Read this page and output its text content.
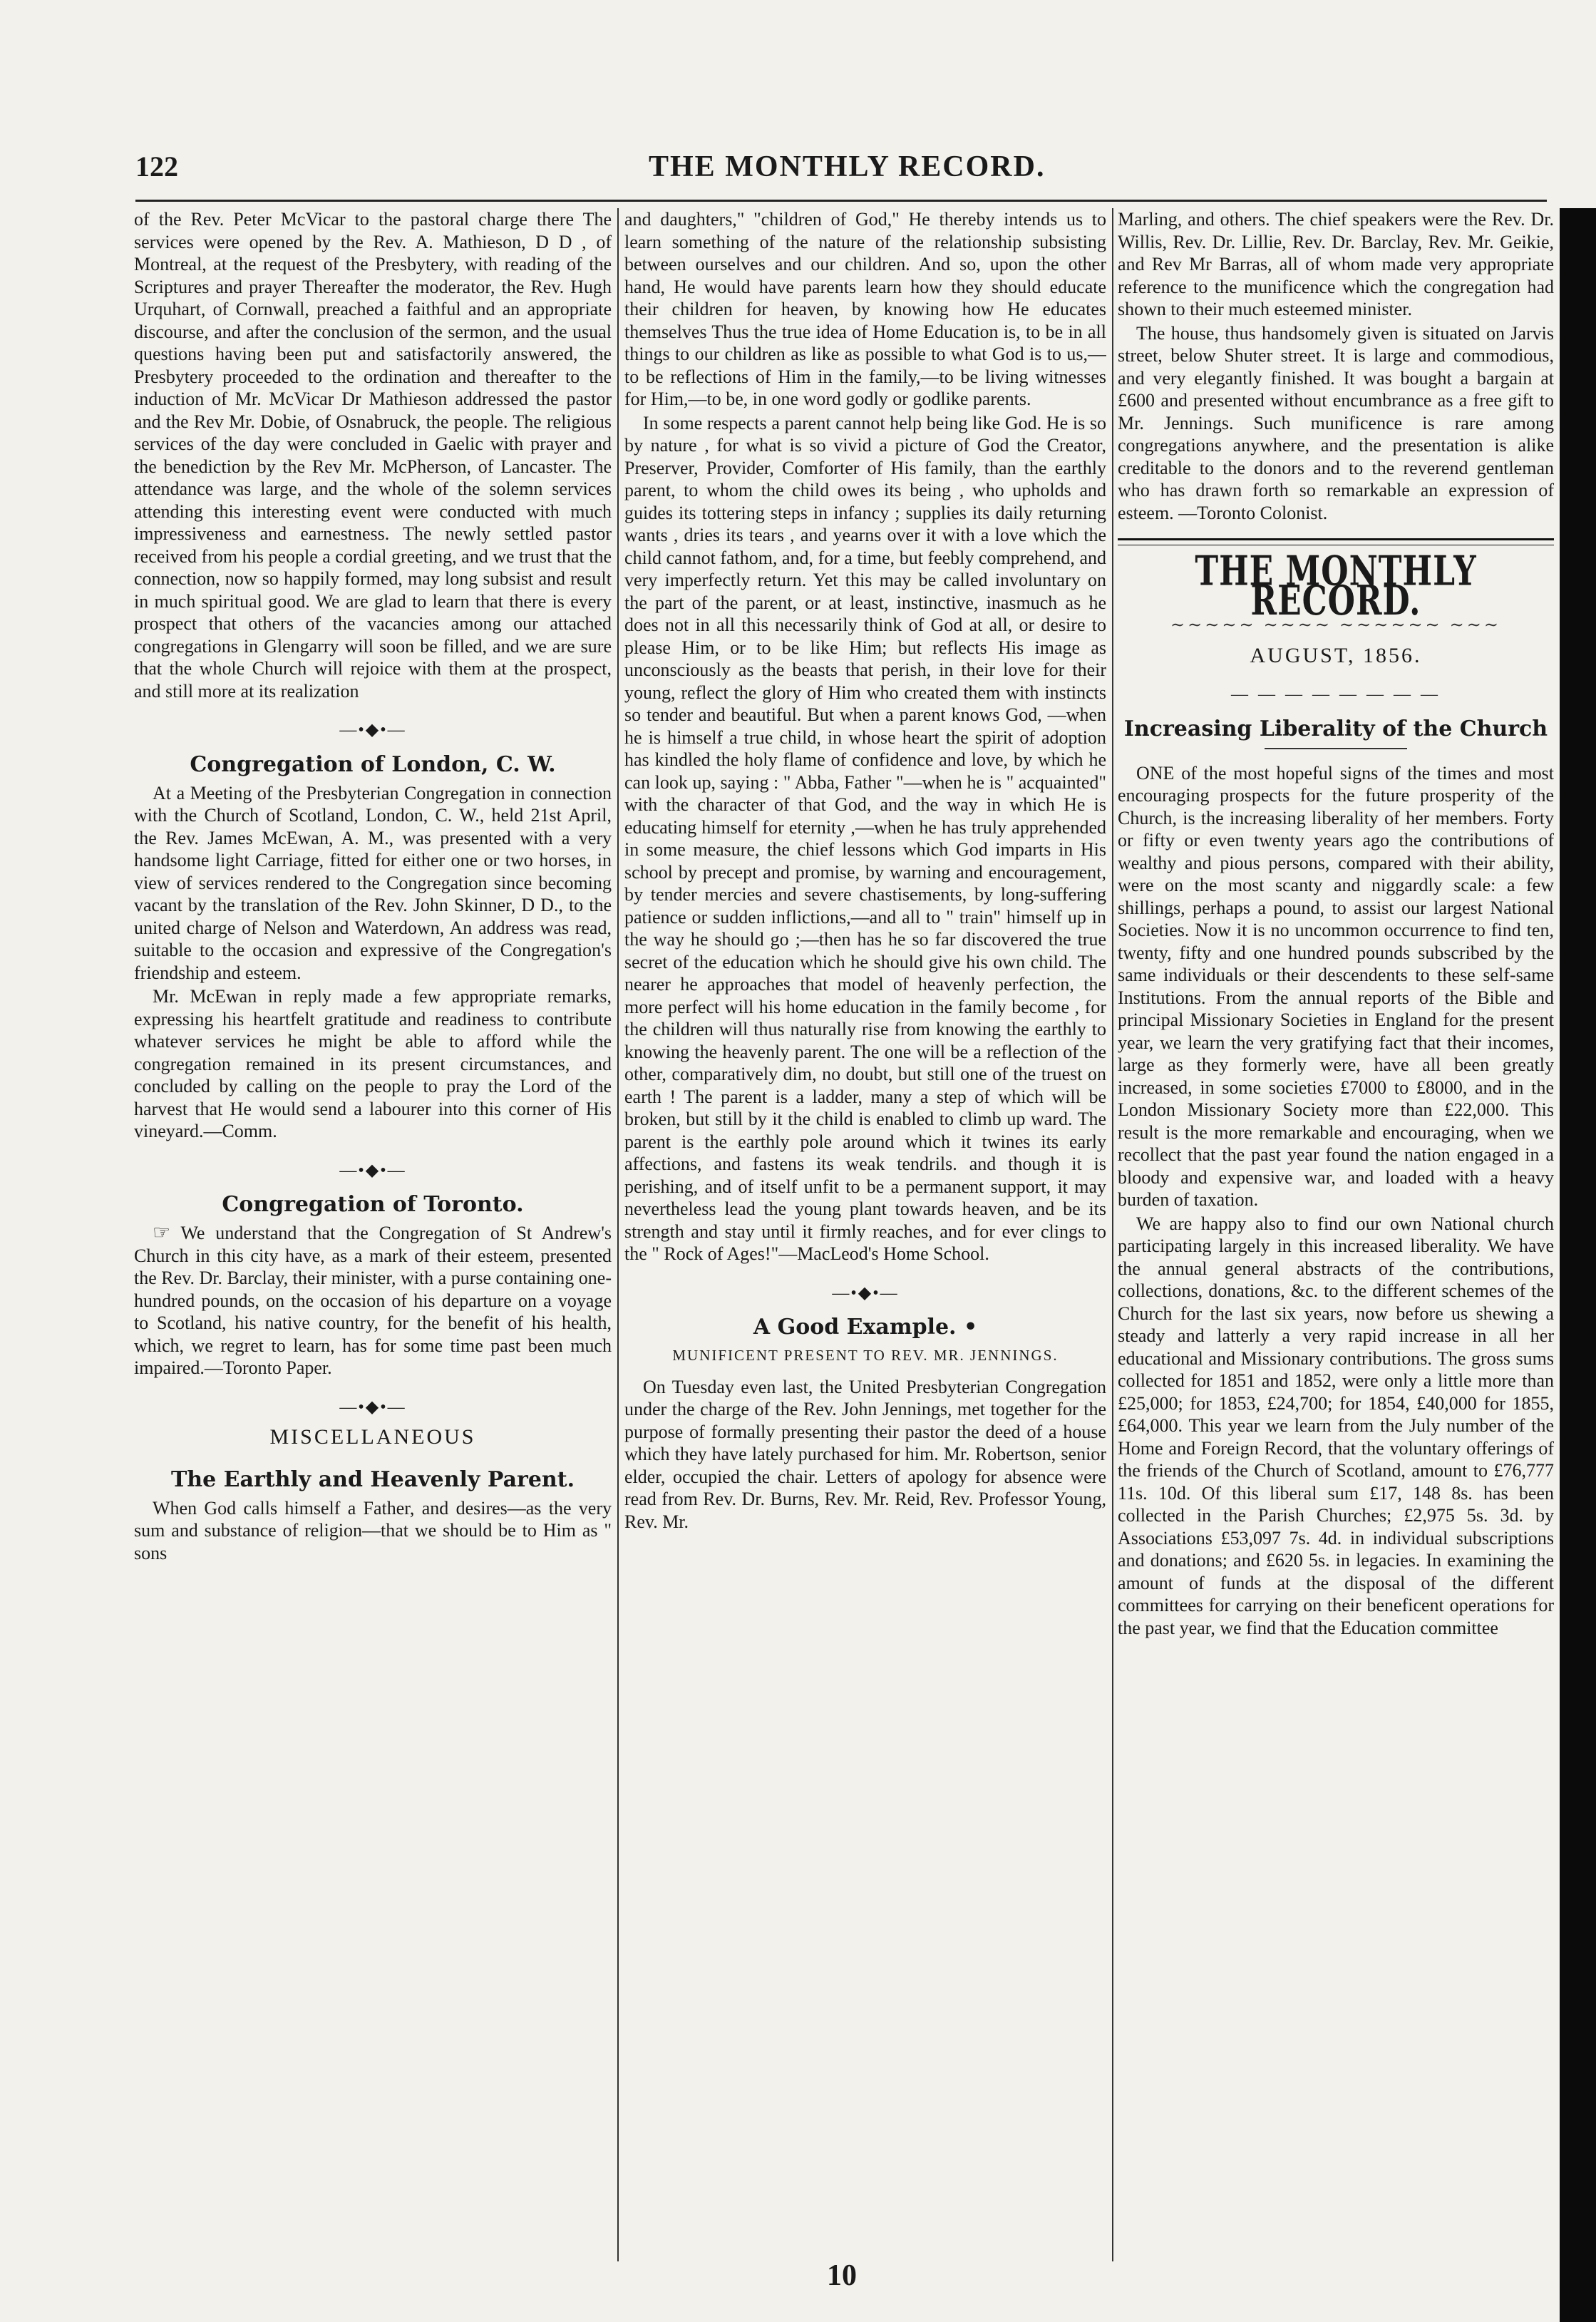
122	THE MONTHLY RECORD.

of the Rev. Peter McVicar to the pastoral charge there The services were opened by the Rev. A. Mathieson, D D , of Montreal, at the request of the Presbytery, with reading of the Scriptures and prayer Thereafter the moderator, the Rev. Hugh Urquhart, of Cornwall, preached a faithful and an appropriate discourse, and after the conclusion of the sermon, and the usual questions having been put and satisfactorily answered, the Presbytery proceeded to the ordination and thereafter to the induction of Mr. McVicar Dr Mathieson addressed the pastor and the Rev Mr. Dobie, of Osnabruck, the people. The religious services of the day were concluded in Gaelic with prayer and the benediction by the Rev Mr. McPherson, of Lancaster. The attendance was large, and the whole of the solemn services attending this interesting event were conducted with much impressiveness and earnestness. The newly settled pastor received from his people a cordial greeting, and we trust that the connection, now so happily formed, may long subsist and result in much spiritual good. We are glad to learn that there is every prospect that others of the vacancies among our attached congregations in Glengarry will soon be filled, and we are sure that the whole Church will rejoice with them at the prospect, and still more at its realization

—•◆•—
Congregation of London, C. W.

At a Meeting of the Presbyterian Congregation in connection with the Church of Scotland, London, C. W., held 21st April, the Rev. James McEwan, A. M., was presented with a very handsome light Carriage, fitted for either one or two horses, in view of services rendered to the Congregation since becoming vacant by the translation of the Rev. John Skinner, D D., to the united charge of Nelson and Waterdown, An address was read, suitable to the occasion and expressive of the Congregation's friendship and esteem.

Mr. McEwan in reply made a few appropriate remarks, expressing his heartfelt gratitude and readiness to contribute whatever services he might be able to afford while the congregation remained in its present circumstances, and concluded by calling on the people to pray the Lord of the harvest that He would send a labourer into this corner of His vineyard.—Comm.

—•◆•—
Congregation of Toronto.

☞ We understand that the Congregation of St Andrew's Church in this city have, as a mark of their esteem, presented the Rev. Dr. Barclay, their minister, with a purse containing one-hundred pounds, on the occasion of his departure on a voyage to Scotland, his native country, for the benefit of his health, which, we regret to learn, has for some time past been much impaired.—Toronto Paper.

—•◆•—
MISCELLANEOUS
The Earthly and Heavenly Parent.

When God calls himself a Father, and desires—as the very sum and substance of religion—that we should be to Him as " sons

and daughters," "children of God," He thereby intends us to learn something of the nature of the relationship subsisting between ourselves and our children. And so, upon the other hand, He would have parents learn how they should educate their children for heaven, by knowing how He educates themselves Thus the true idea of Home Education is, to be in all things to our children as like as possible to what God is to us,—to be reflections of Him in the family,—to be living witnesses for Him,—to be, in one word godly or godlike parents.

In some respects a parent cannot help being like God. He is so by nature , for what is so vivid a picture of God the Creator, Preserver, Provider, Comforter of His family, than the earthly parent, to whom the child owes its being , who upholds and guides its tottering steps in infancy ; supplies its daily returning wants , dries its tears , and yearns over it with a love which the child cannot fathom, and, for a time, but feebly comprehend, and very imperfectly return. Yet this may be called involuntary on the part of the parent, or at least, instinctive, inasmuch as he does not in all this necessarily think of God at all, or desire to please Him, or to be like Him; but reflects His image as unconsciously as the beasts that perish, in their love for their young, reflect the glory of Him who created them with instincts so tender and beautiful. But when a parent knows God, —when he is himself a true child, in whose heart the spirit of adoption has kindled the holy flame of confidence and love, by which he can look up, saying : " Abba, Father "—when he is " acquainted" with the character of that God, and the way in which He is educating himself for eternity ,—when he has truly apprehended in some measure, the chief lessons which God imparts in His school by precept and promise, by warning and encouragement, by tender mercies and severe chastisements, by long-suffering patience or sudden inflictions,—and all to " train" himself up in the way he should go ;—then has he so far discovered the true secret of the education which he should give his own child. The nearer he approaches that model of heavenly perfection, the more perfect will his home education in the family become , for the children will thus naturally rise from knowing the earthly to knowing the heavenly parent. The one will be a reflection of the other, comparatively dim, no doubt, but still one of the truest on earth ! The parent is a ladder, many a step of which will be broken, but still by it the child is enabled to climb up ward. The parent is the earthly pole around which it twines its early affections, and fastens its weak tendrils. and though it is perishing, and of itself unfit to be a permanent support, it may nevertheless lead the young plant towards heaven, and be its strength and stay until it firmly reaches, and for ever clings to the " Rock of Ages!"—MacLeod's Home School.

—•◆•—
A Good Example. •
MUNIFICENT PRESENT TO REV. MR. JENNINGS.

On Tuesday even last, the United Presbyterian Congregation under the charge of the Rev. John Jennings, met together for the purpose of formally presenting their pastor the deed of a house which they have lately purchased for him. Mr. Robertson, senior elder, occupied the chair. Letters of apology for absence were read from Rev. Dr. Burns, Rev. Mr. Reid, Rev. Professor Young, Rev. Mr.

Marling, and others. The chief speakers were the Rev. Dr. Willis, Rev. Dr. Lillie, Rev. Dr. Barclay, Rev. Mr. Geikie, and Rev Mr Barras, all of whom made very appropriate reference to the munificence which the congregation had shown to their much esteemed minister.

The house, thus handsomely given is situated on Jarvis street, below Shuter street. It is large and commodious, and very elegantly finished. It was bought a bargain at £600 and presented without encumbrance as a free gift to Mr. Jennings. Such munificence is rare among congregations anywhere, and the presentation is alike creditable to the donors and to the reverend gentleman who has drawn forth so remarkable an expression of esteem. —Toronto Colonist.

THE MONTHLY RECORD.
∼∼∼∼∼ ∼∼∼∼ ∼∼∼∼∼∼ ∼∼∼
AUGUST, 1856.
— — — — — — — —
Increasing Liberality of the Church

ONE of the most hopeful signs of the times and most encouraging prospects for the future prosperity of the Church, is the increasing liberality of her members. Forty or fifty or even twenty years ago the contributions of wealthy and pious persons, compared with their ability, were on the most scanty and niggardly scale: a few shillings, perhaps a pound, to assist our largest National Societies. Now it is no uncommon occurrence to find ten, twenty, fifty and one hundred pounds subscribed by the same individuals or their descendents to these self-same Institutions. From the annual reports of the Bible and principal Missionary Societies in England for the present year, we learn the very gratifying fact that their incomes, large as they formerly were, have all been greatly increased, in some societies £7000 to £8000, and in the London Missionary Society more than £22,000. This result is the more remarkable and encouraging, when we recollect that the past year found the nation engaged in a bloody and expensive war, and loaded with a heavy burden of taxation.

We are happy also to find our own National church participating largely in this increased liberality. We have the annual general abstracts of the contributions, collections, donations, &c. to the different schemes of the Church for the last six years, now before us shewing a steady and latterly a very rapid increase in all her educational and Missionary contributions. The gross sums collected for 1851 and 1852, were only a little more than £25,000; for 1853, £24,700; for 1854, £40,000 for 1855, £64,000. This year we learn from the July number of the Home and Foreign Record, that the voluntary offerings of the friends of the Church of Scotland, amount to £76,777 11s. 10d. Of this liberal sum £17, 148 8s. has been collected in the Parish Churches; £2,975 5s. 3d. by Associations £53,097 7s. 4d. in individual subscriptions and donations; and £620 5s. in legacies. In examining the amount of funds at the disposal of the different committees for carrying on their beneficent operations for the past year, we find that the Education committee

10
